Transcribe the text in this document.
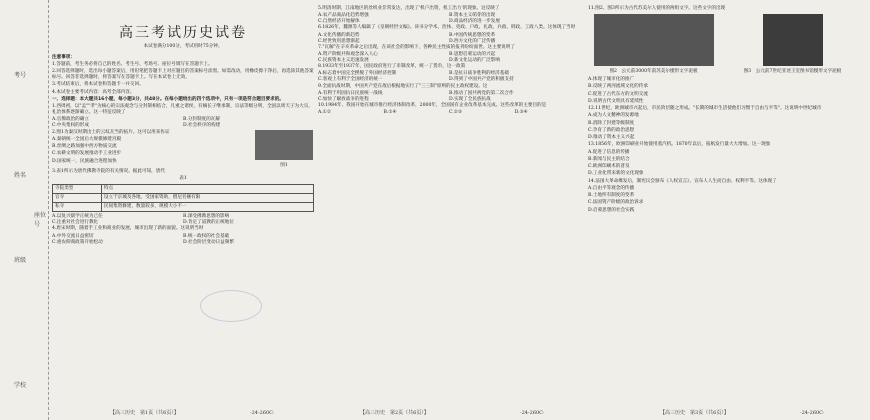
考号
姓名
班级
学校
座位号
高三考试历史试卷
本试卷满分100分，考试用时75分钟。

注意事项：

1.答题前，考生务必将自己的姓名、考生号、考场号、座位号填写在答题卡上。

2.回答选择题时，选出每小题答案后，用铅笔把答题卡上对应题目的答案标号涂黑。如需改动，用橡皮擦干净后，再选涂其他答案标号。回答非选择题时，将答案写在答题卡上。写在本试卷上无效。

3.考试结束后，将本试卷和答题卡一并交回。

4.本试卷主要考试内容：高考全部内容。

一、选择题：本大题共16小题，每小题3分，共48分。在每小题给出的四个选项中，只有一项是符合题目要求的。

1.西周初，以"孟""孝"为核心的宗法观念与分封制相结合，凡重之诸侯，有嫡长子继承制，宗法等级分明，全国以周天子为大宗，礼治体系逐渐确立。这一特征反映了

A.官僚政治的确立	B.分封制度的瓦解
C.中央集权的形成	D.社会秩序的构建

2.图1为秦汉时期出土的云纹瓦当的拓片。这可以用来佐证

A.秦朝统一全国后大规模修建宫殿

B.丝绸之路加强中西方物质交流

C.农耕文明的发展推动手工业进步

D.国家统一，民族融合进程加快

图1

3.表1所示为唐代佛教寺院的有关情况。据此可知，唐代

表1
寺院类型	特点
官寺	设立于京城及各地，受国家资助，僧尼名额有限
私寺	民间集资修建，数量较多，规模大小不一
A.以复兴儒学正统为己任	B.深受佛教思想的影响
C.注重对社会进行教化	D.肯定了道教的正统地位

4.唐宋时期，随着手工业和商业的发展，城市出现了新的面貌。这说明当时

A.中外交流日益密切	B.统一政权的社会基础
C.重农抑商政策开始松动	D.社会阶层变动日益频繁
【高三历史　第1页（共6页）】	·24-260C·

5.明清时期，江南地区的丝织业非常发达，出现了'机户出资，机工出力'的现象。这反映了

A.农产品商品化趋势增强	B.资本主义萌芽的出现
C.自然经济开始解体	D.商品经济的进一步发展

6.1826年，魏源等人编辑了《皇朝经世文编》。该书分学术、治体、吏政、户政、礼政、兵政、刑政、工政八类。这体现了当时

A.文化传播的新趋势	B.中国传统思想的变革
C.经世致用思想渐起	D.西方文化的广泛传播

7."瓦解"在辛亥革命之后出现，在该社会的影响下，各种民主性质的报刊纷纷面世。这主要说明了

A.资产阶级共和观念深入人心	B.思想启蒙运动的兴起
C.民族资本主义迅速发展	D.新文化运动的广泛影响

8.1933年至1937年，国民政府进行了币制改革，统一了货币，这一政策

A.标志着中国完全摆脱了外国经济控制	B.是抗日战争胜利的经济基础
C.客观上有利于全国经济的统一	D.得到了中国共产党的积极支持

9.全面抗战时期，中国共产党在敌后根据地实行了"三三制"原则的民主政权建设。这

A.有利于巩固抗日民族统一战线	B.推动了国共两党的第二次合作
C.加快了解放战争的进程	D.实现了全民族抗战

10.1984年，我国开始在城市推行经济体制改革，2000年，全国国有企业改革基本完成。这些改革的主要目的是

A.①②	B.①④	C.②③	D.③④
【高三历史　第2页（共6页）】	·24-260C·

11.图2、图3所示为古代苏美尔人使用的两组文字。这些文字的出现

图2　公元前3000年前苏美尔楔形文字泥板	图3　公元前7世纪亚述王室图书馆楔形文字泥板

A.体现了城市化的推广

B.反映了两河流域文化的传承

C.促进了古代东方的文明交流

D.说明古代文明具有延续性

12.11世纪，欧洲城市兴起后，市民阶层随之形成。"长期的城市生活使他们习惯于自由与平等"。这说明中世纪城市

A.成为人文精神的发源地

B.消除了封建等级制度

C.孕育了新的政治思想

D.推动了资本主义兴起

13.1856年，欧洲印刷业开始使用蒸汽机。1870年以后，报纸发行量大大增加。这一现象

A.促进了信息的传播

B.新闻与民主的结合

C.欧洲印刷术的普及

D.工业化带来新的文化现象

14.法国大革命爆发后，制宪议会颁布《人权宣言》，宣布人人生而自由、权利平等。这体现了

A.自由平等观念的传播

B.土地所有制度的变革

C.法国资产阶级的政治诉求

D.启蒙思想的社会实践

【高三历史　第3页（共6页）】	·24-260C·
